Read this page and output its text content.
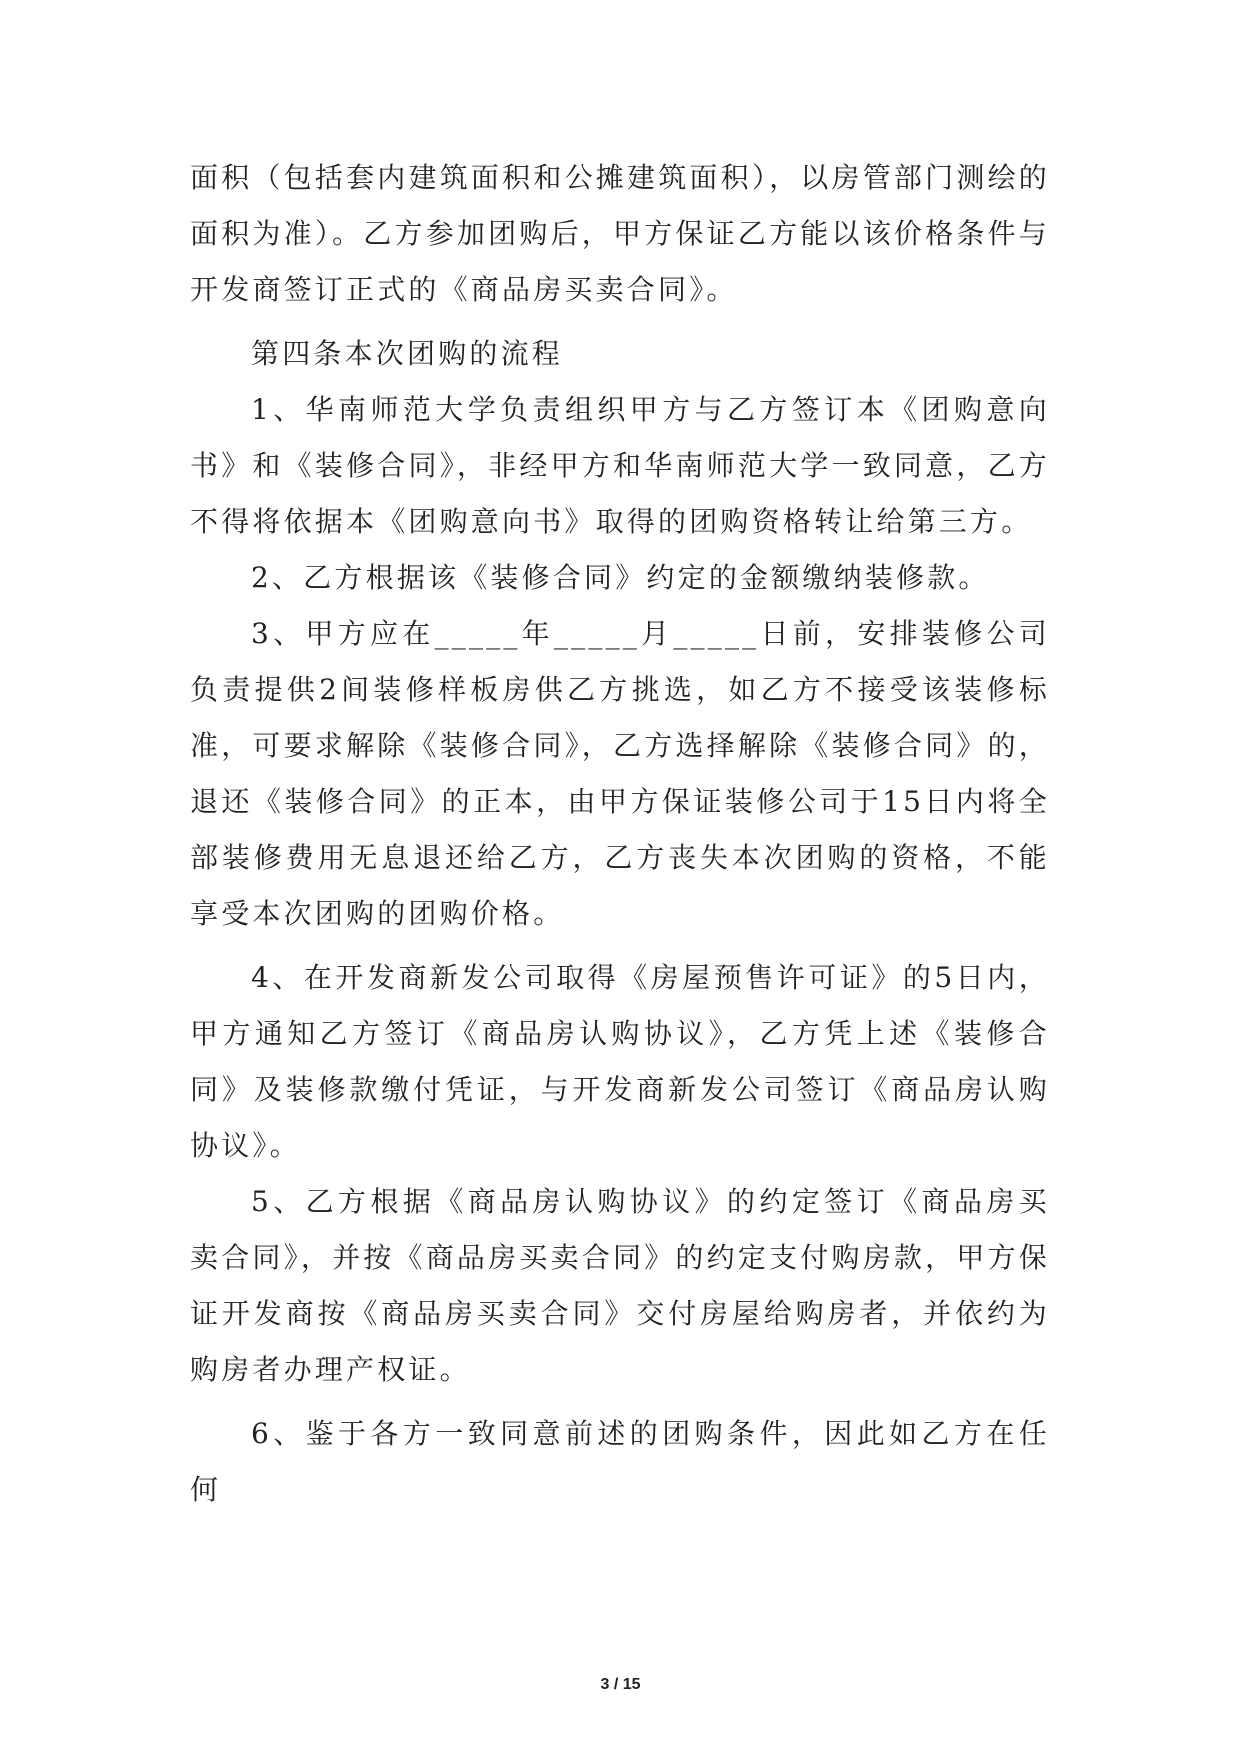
面积（包括套内建筑面积和公摊建筑面积），以房管部门测绘的面积为准）。乙方参加团购后，甲方保证乙方能以该价格条件与开发商签订正式的《商品房买卖合同》。

第四条本次团购的流程

1、华南师范大学负责组织甲方与乙方签订本《团购意向书》和《装修合同》，非经甲方和华南师范大学一致同意，乙方不得将依据本《团购意向书》取得的团购资格转让给第三方。

2、乙方根据该《装修合同》约定的金额缴纳装修款。

3、甲方应在_____年_____月_____日前，安排装修公司负责提供2间装修样板房供乙方挑选，如乙方不接受该装修标准，可要求解除《装修合同》，乙方选择解除《装修合同》的，退还《装修合同》的正本，由甲方保证装修公司于15日内将全部装修费用无息退还给乙方，乙方丧失本次团购的资格，不能享受本次团购的团购价格。

4、在开发商新发公司取得《房屋预售许可证》的5日内，甲方通知乙方签订《商品房认购协议》，乙方凭上述《装修合同》及装修款缴付凭证，与开发商新发公司签订《商品房认购协议》。

5、乙方根据《商品房认购协议》的约定签订《商品房买卖合同》，并按《商品房买卖合同》的约定支付购房款，甲方保证开发商按《商品房买卖合同》交付房屋给购房者，并依约为购房者办理产权证。

6、鉴于各方一致同意前述的团购条件，因此如乙方在任何

3 / 15
